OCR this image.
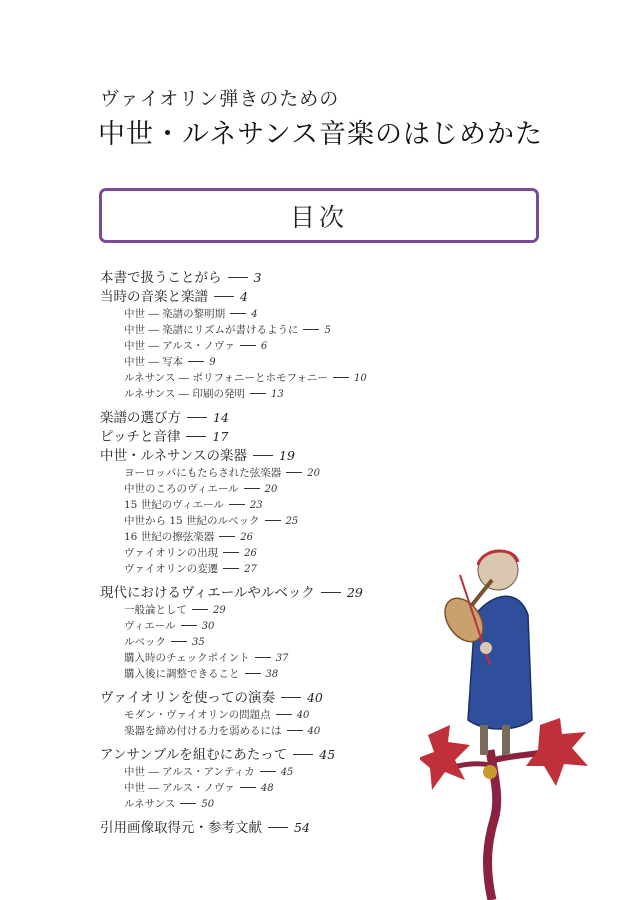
ヴァイオリン弾きのための
中世・ルネサンス音楽のはじめかた
目次
本書で扱うことがら	3
当時の音楽と楽譜	4
中世 ― 楽譜の黎明期	4
中世 ― 楽譜にリズムが書けるように	5
中世 ― アルス・ノヴァ	6
中世 ― 写本	9
ルネサンス ― ポリフォニーとホモフォニー	10
ルネサンス ― 印刷の発明	13
楽譜の選び方	14
ピッチと音律	17
中世・ルネサンスの楽器	19
ヨーロッパにもたらされた弦楽器	20
中世のころのヴィエール	20
15 世紀のヴィエール	23
中世から 15 世紀のルベック	25
16 世紀の擦弦楽器	26
ヴァイオリンの出現	26
ヴァイオリンの変遷	27
現代におけるヴィエールやルベック	29
一般論として	29
ヴィエール	30
ルベック	35
購入時のチェックポイント	37
購入後に調整できること	38
ヴァイオリンを使っての演奏	40
モダン・ヴァイオリンの問題点	40
楽器を締め付ける力を弱めるには	40
アンサンブルを組むにあたって	45
中世 ― アルス・アンティカ	45
中世 ― アルス・ノヴァ	48
ルネサンス	50
引用画像取得元・参考文献	54
